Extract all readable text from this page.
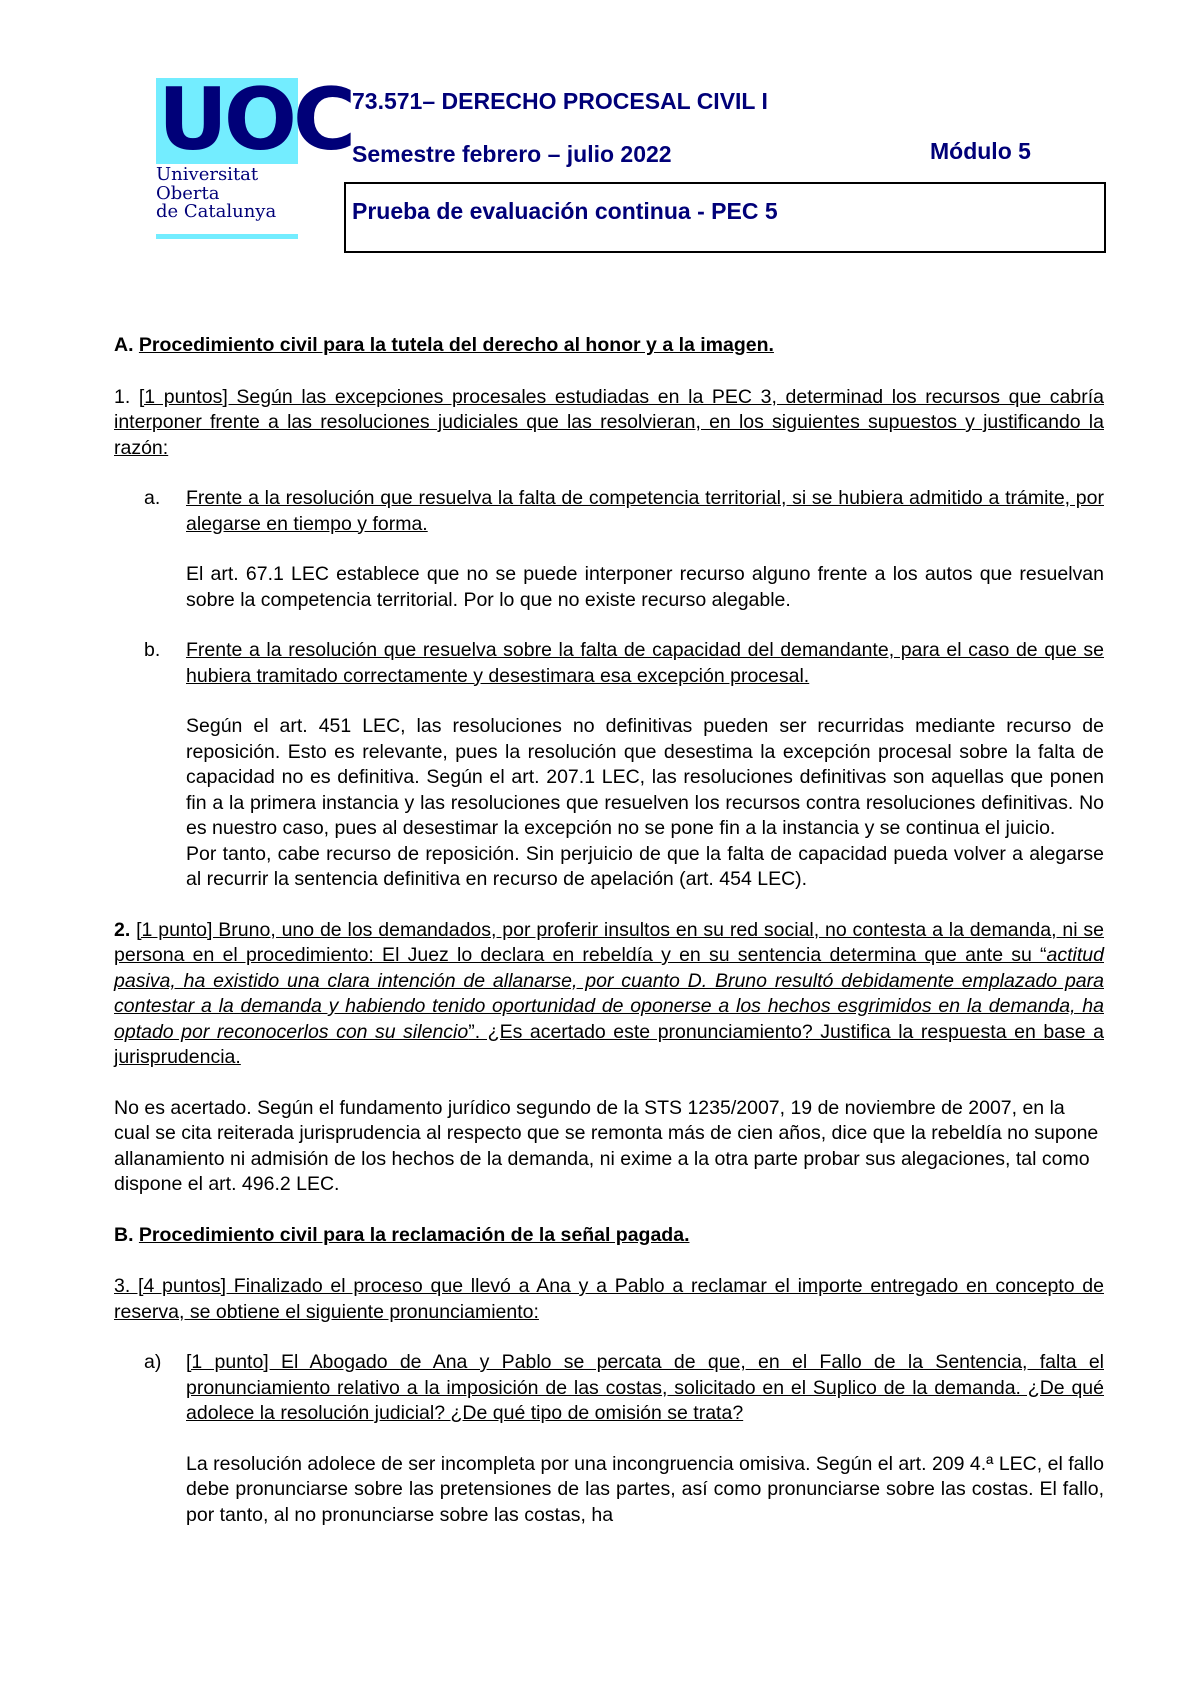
UOC
Universitat
Oberta
de Catalunya
73.571– DERECHO PROCESAL CIVIL I
Semestre febrero – julio 2022	Módulo 5
Prueba de evaluación continua - PEC 5

A. Procedimiento civil para la tutela del derecho al honor y a la imagen.

1. [1 puntos] Según las excepciones procesales estudiadas en la PEC 3, determinad los recursos que cabría interponer frente a las resoluciones judiciales que las resolvieran, en los siguientes supuestos y justificando la razón:

a. Frente a la resolución que resuelva la falta de competencia territorial, si se hubiera admitido a trámite, por alegarse en tiempo y forma.

El art. 67.1 LEC establece que no se puede interponer recurso alguno frente a los autos que resuelvan sobre la competencia territorial. Por lo que no existe recurso alegable.

b. Frente a la resolución que resuelva sobre la falta de capacidad del demandante, para el caso de que se hubiera tramitado correctamente y desestimara esa excepción procesal.

Según el art. 451 LEC, las resoluciones no definitivas pueden ser recurridas mediante recurso de reposición. Esto es relevante, pues la resolución que desestima la excepción procesal sobre la falta de capacidad no es definitiva. Según el art. 207.1 LEC, las resoluciones definitivas son aquellas que ponen fin a la primera instancia y las resoluciones que resuelven los recursos contra resoluciones definitivas. No es nuestro caso, pues al desestimar la excepción no se pone fin a la instancia y se continua el juicio.

Por tanto, cabe recurso de reposición. Sin perjuicio de que la falta de capacidad pueda volver a alegarse al recurrir la sentencia definitiva en recurso de apelación (art. 454 LEC).

2. [1 punto] Bruno, uno de los demandados, por proferir insultos en su red social, no contesta a la demanda, ni se persona en el procedimiento: El Juez lo declara en rebeldía y en su sentencia determina que ante su “actitud pasiva, ha existido una clara intención de allanarse, por cuanto D. Bruno resultó debidamente emplazado para contestar a la demanda y habiendo tenido oportunidad de oponerse a los hechos esgrimidos en la demanda, ha optado por reconocerlos con su silencio”. ¿Es acertado este pronunciamiento? Justifica la respuesta en base a jurisprudencia.

No es acertado. Según el fundamento jurídico segundo de la STS 1235/2007, 19 de noviembre de 2007, en la cual se cita reiterada jurisprudencia al respecto que se remonta más de cien años, dice que la rebeldía no supone allanamiento ni admisión de los hechos de la demanda, ni exime a la otra parte probar sus alegaciones, tal como dispone el art. 496.2 LEC.

B. Procedimiento civil para la reclamación de la señal pagada.

3. [4 puntos] Finalizado el proceso que llevó a Ana y a Pablo a reclamar el importe entregado en concepto de reserva, se obtiene el siguiente pronunciamiento:

a) [1 punto] El Abogado de Ana y Pablo se percata de que, en el Fallo de la Sentencia, falta el pronunciamiento relativo a la imposición de las costas, solicitado en el Suplico de la demanda. ¿De qué adolece la resolución judicial? ¿De qué tipo de omisión se trata?

La resolución adolece de ser incompleta por una incongruencia omisiva. Según el art. 209 4.ª LEC, el fallo debe pronunciarse sobre las pretensiones de las partes, así como pronunciarse sobre las costas. El fallo, por tanto, al no pronunciarse sobre las costas, ha
